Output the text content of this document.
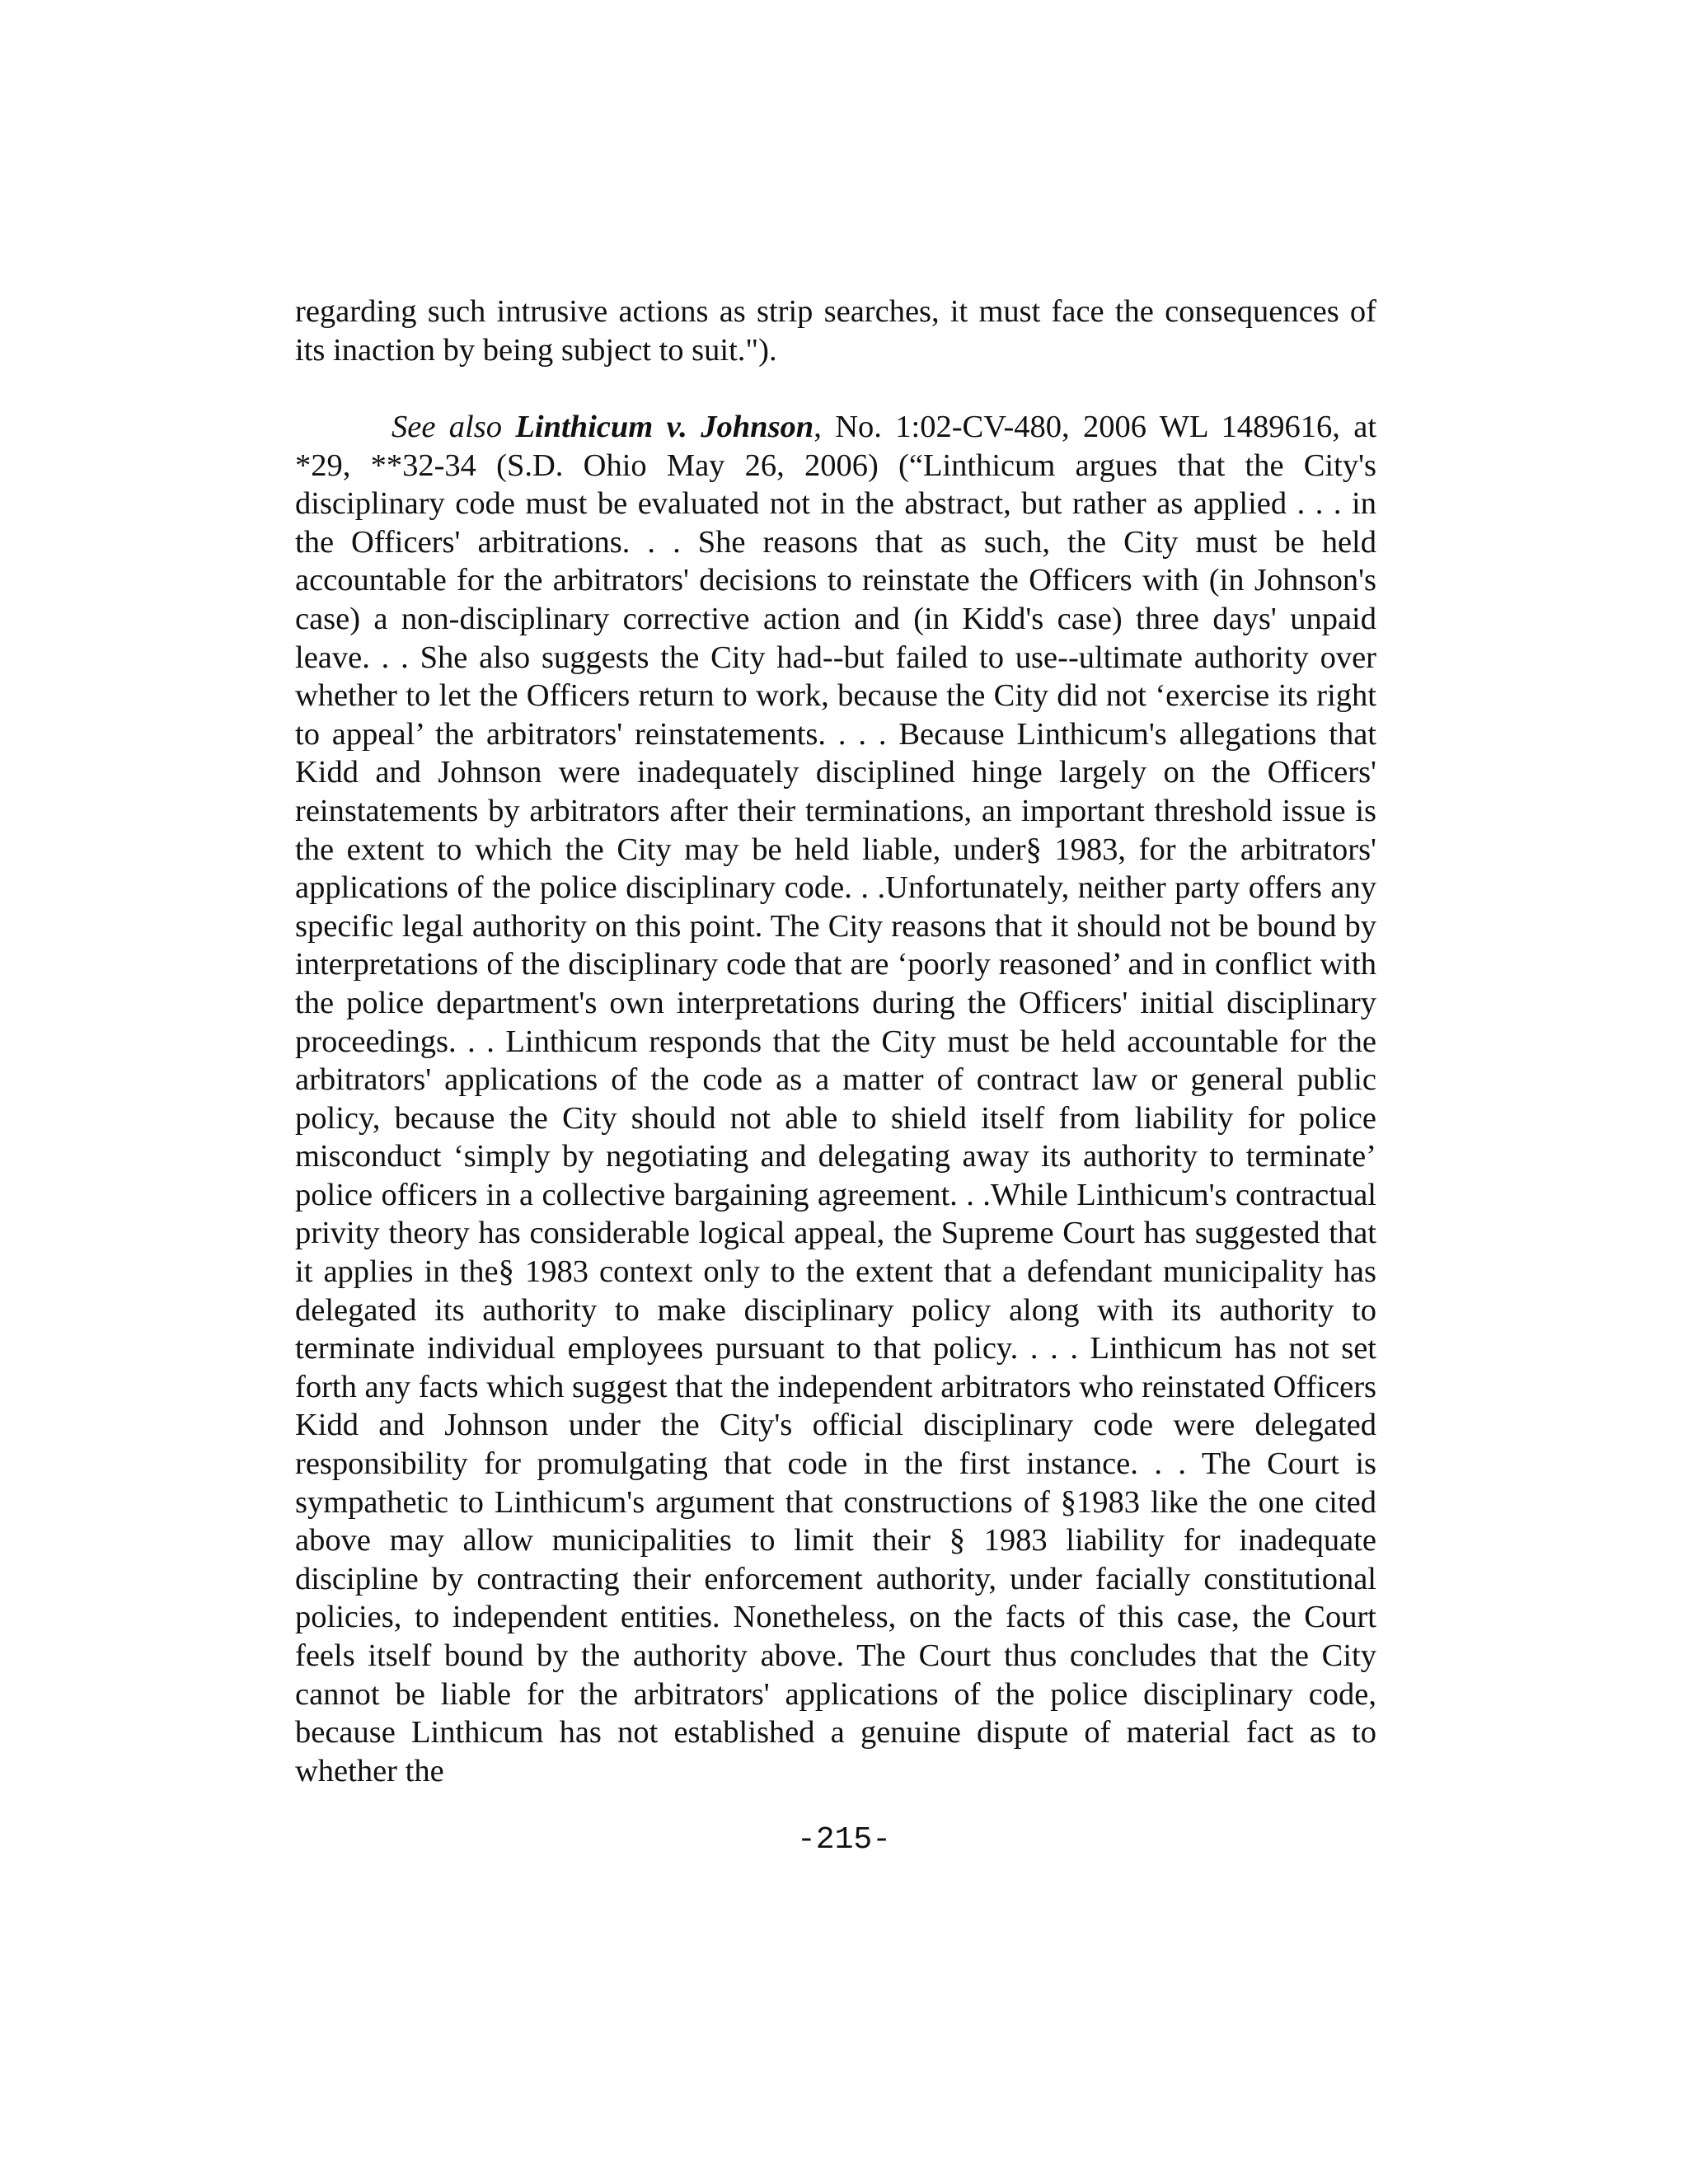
regarding such intrusive actions as strip searches, it must face the consequences of its inaction by being subject to suit.").

See also Linthicum v. Johnson, No. 1:02-CV-480, 2006 WL 1489616, at *29, **32-34 (S.D. Ohio May 26, 2006) (“Linthicum argues that the City's disciplinary code must be evaluated not in the abstract, but rather as applied . . . in the Officers' arbitrations. . . She reasons that as such, the City must be held accountable for the arbitrators' decisions to reinstate the Officers with (in Johnson's case) a non-disciplinary corrective action and (in Kidd's case) three days' unpaid leave. . . She also suggests the City had--but failed to use--ultimate authority over whether to let the Officers return to work, because the City did not ‘exercise its right to appeal’ the arbitrators' reinstatements. . . . Because Linthicum's allegations that Kidd and Johnson were inadequately disciplined hinge largely on the Officers' reinstatements by arbitrators after their terminations, an important threshold issue is the extent to which the City may be held liable, under§ 1983, for the arbitrators' applications of the police disciplinary code. . .Unfortunately, neither party offers any specific legal authority on this point. The City reasons that it should not be bound by interpretations of the disciplinary code that are ‘poorly reasoned’ and in conflict with the police department's own interpretations during the Officers' initial disciplinary proceedings. . . Linthicum responds that the City must be held accountable for the arbitrators' applications of the code as a matter of contract law or general public policy, because the City should not able to shield itself from liability for police misconduct ‘simply by negotiating and delegating away its authority to terminate’ police officers in a collective bargaining agreement. . .While Linthicum's contractual privity theory has considerable logical appeal, the Supreme Court has suggested that it applies in the§ 1983 context only to the extent that a defendant municipality has delegated its authority to make disciplinary policy along with its authority to terminate individual employees pursuant to that policy. . . . Linthicum has not set forth any facts which suggest that the independent arbitrators who reinstated Officers Kidd and Johnson under the City's official disciplinary code were delegated responsibility for promulgating that code in the first instance. . . The Court is sympathetic to Linthicum's argument that constructions of §1983 like the one cited above may allow municipalities to limit their § 1983 liability for inadequate discipline by contracting their enforcement authority, under facially constitutional policies, to independent entities. Nonetheless, on the facts of this case, the Court feels itself bound by the authority above. The Court thus concludes that the City cannot be liable for the arbitrators' applications of the police disciplinary code, because Linthicum has not established a genuine dispute of material fact as to whether the

-215-
